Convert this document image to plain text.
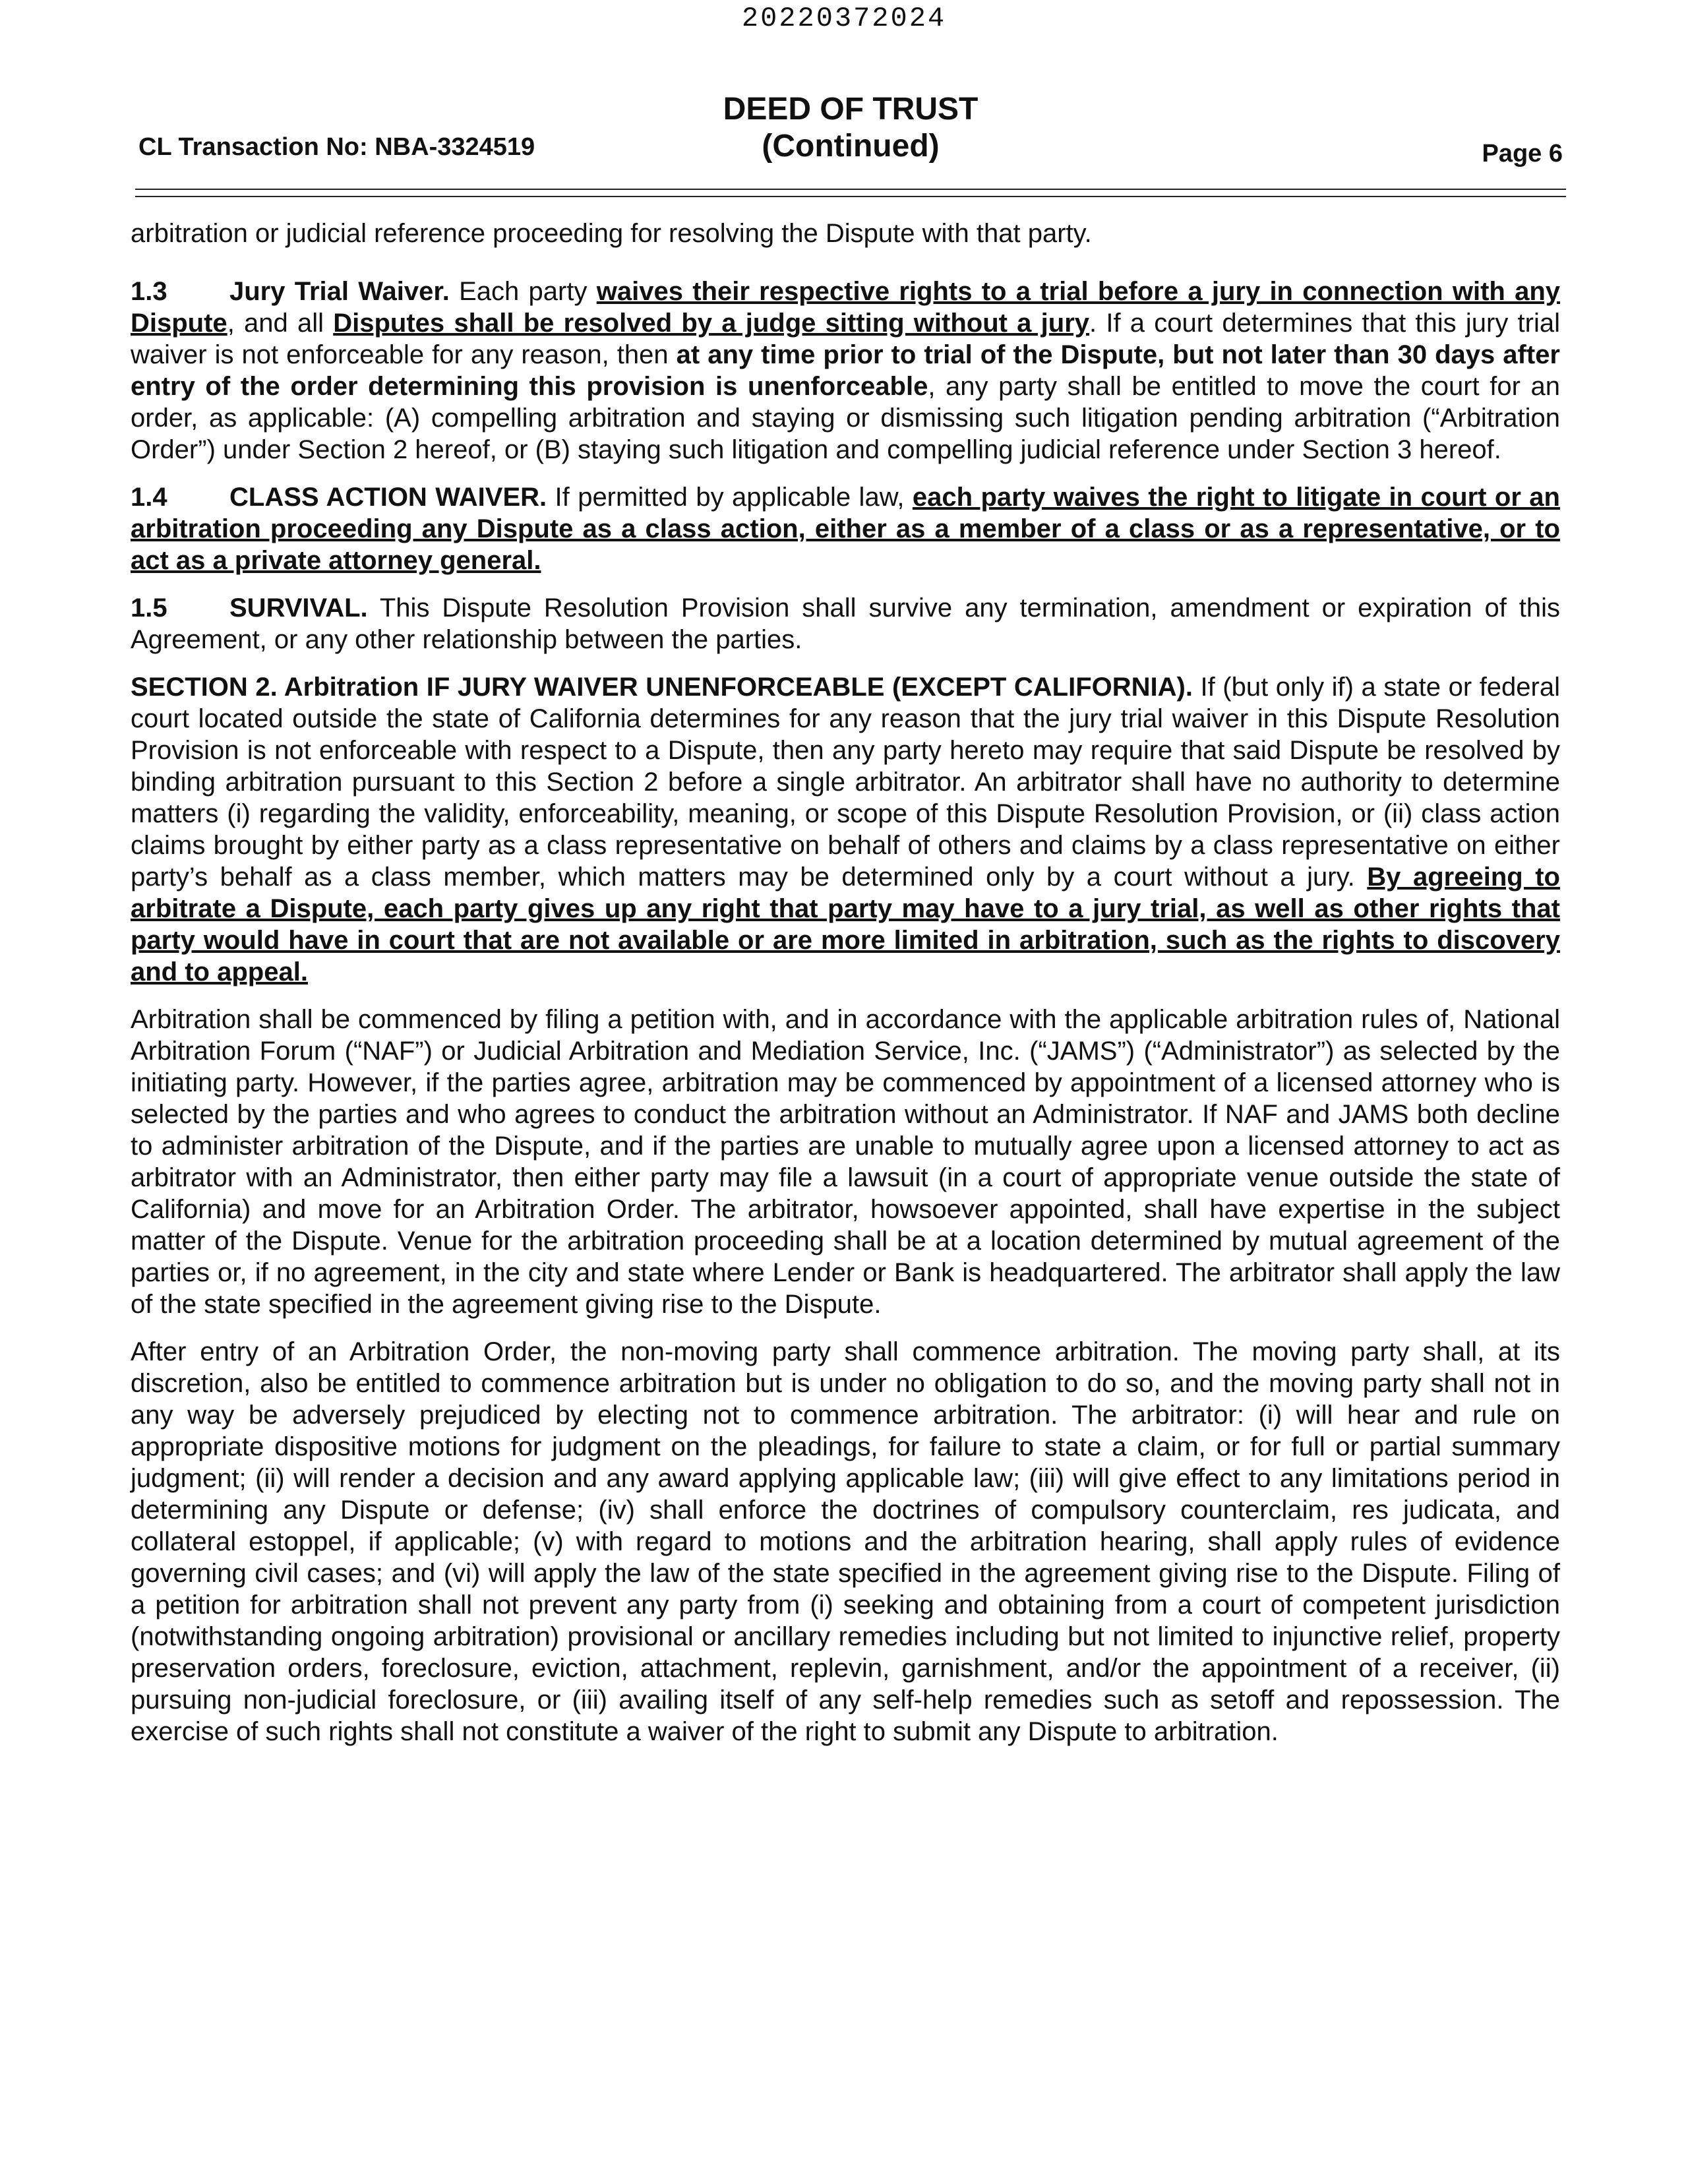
20220372024
CL Transaction No: NBA-3324519
DEED OF TRUST
(Continued)	Page 6

arbitration or judicial reference proceeding for resolving the Dispute with that party.

1.3 Jury Trial Waiver. Each party waives their respective rights to a trial before a jury in connection with any Dispute, and all Disputes shall be resolved by a judge sitting without a jury. If a court determines that this jury trial waiver is not enforceable for any reason, then at any time prior to trial of the Dispute, but not later than 30 days after entry of the order determining this provision is unenforceable, any party shall be entitled to move the court for an order, as applicable: (A) compelling arbitration and staying or dismissing such litigation pending arbitration (“Arbitration Order”) under Section 2 hereof, or (B) staying such litigation and compelling judicial reference under Section 3 hereof.

1.4 CLASS ACTION WAIVER. If permitted by applicable law, each party waives the right to litigate in court or an arbitration proceeding any Dispute as a class action, either as a member of a class or as a representative, or to act as a private attorney general.

1.5 SURVIVAL. This Dispute Resolution Provision shall survive any termination, amendment or expiration of this Agreement, or any other relationship between the parties.

SECTION 2. Arbitration IF JURY WAIVER UNENFORCEABLE (EXCEPT CALIFORNIA). If (but only if) a state or federal court located outside the state of California determines for any reason that the jury trial waiver in this Dispute Resolution Provision is not enforceable with respect to a Dispute, then any party hereto may require that said Dispute be resolved by binding arbitration pursuant to this Section 2 before a single arbitrator. An arbitrator shall have no authority to determine matters (i) regarding the validity, enforceability, meaning, or scope of this Dispute Resolution Provision, or (ii) class action claims brought by either party as a class representative on behalf of others and claims by a class representative on either party’s behalf as a class member, which matters may be determined only by a court without a jury. By agreeing to arbitrate a Dispute, each party gives up any right that party may have to a jury trial, as well as other rights that party would have in court that are not available or are more limited in arbitration, such as the rights to discovery and to appeal.

Arbitration shall be commenced by filing a petition with, and in accordance with the applicable arbitration rules of, National Arbitration Forum (“NAF”) or Judicial Arbitration and Mediation Service, Inc. (“JAMS”) (“Administrator”) as selected by the initiating party. However, if the parties agree, arbitration may be commenced by appointment of a licensed attorney who is selected by the parties and who agrees to conduct the arbitration without an Administrator. If NAF and JAMS both decline to administer arbitration of the Dispute, and if the parties are unable to mutually agree upon a licensed attorney to act as arbitrator with an Administrator, then either party may file a lawsuit (in a court of appropriate venue outside the state of California) and move for an Arbitration Order. The arbitrator, howsoever appointed, shall have expertise in the subject matter of the Dispute. Venue for the arbitration proceeding shall be at a location determined by mutual agreement of the parties or, if no agreement, in the city and state where Lender or Bank is headquartered. The arbitrator shall apply the law of the state specified in the agreement giving rise to the Dispute.

After entry of an Arbitration Order, the non-moving party shall commence arbitration. The moving party shall, at its discretion, also be entitled to commence arbitration but is under no obligation to do so, and the moving party shall not in any way be adversely prejudiced by electing not to commence arbitration. The arbitrator: (i) will hear and rule on appropriate dispositive motions for judgment on the pleadings, for failure to state a claim, or for full or partial summary judgment; (ii) will render a decision and any award applying applicable law; (iii) will give effect to any limitations period in determining any Dispute or defense; (iv) shall enforce the doctrines of compulsory counterclaim, res judicata, and collateral estoppel, if applicable; (v) with regard to motions and the arbitration hearing, shall apply rules of evidence governing civil cases; and (vi) will apply the law of the state specified in the agreement giving rise to the Dispute. Filing of a petition for arbitration shall not prevent any party from (i) seeking and obtaining from a court of competent jurisdiction (notwithstanding ongoing arbitration) provisional or ancillary remedies including but not limited to injunctive relief, property preservation orders, foreclosure, eviction, attachment, replevin, garnishment, and/or the appointment of a receiver, (ii) pursuing non-judicial foreclosure, or (iii) availing itself of any self-help remedies such as setoff and repossession. The exercise of such rights shall not constitute a waiver of the right to submit any Dispute to arbitration.
